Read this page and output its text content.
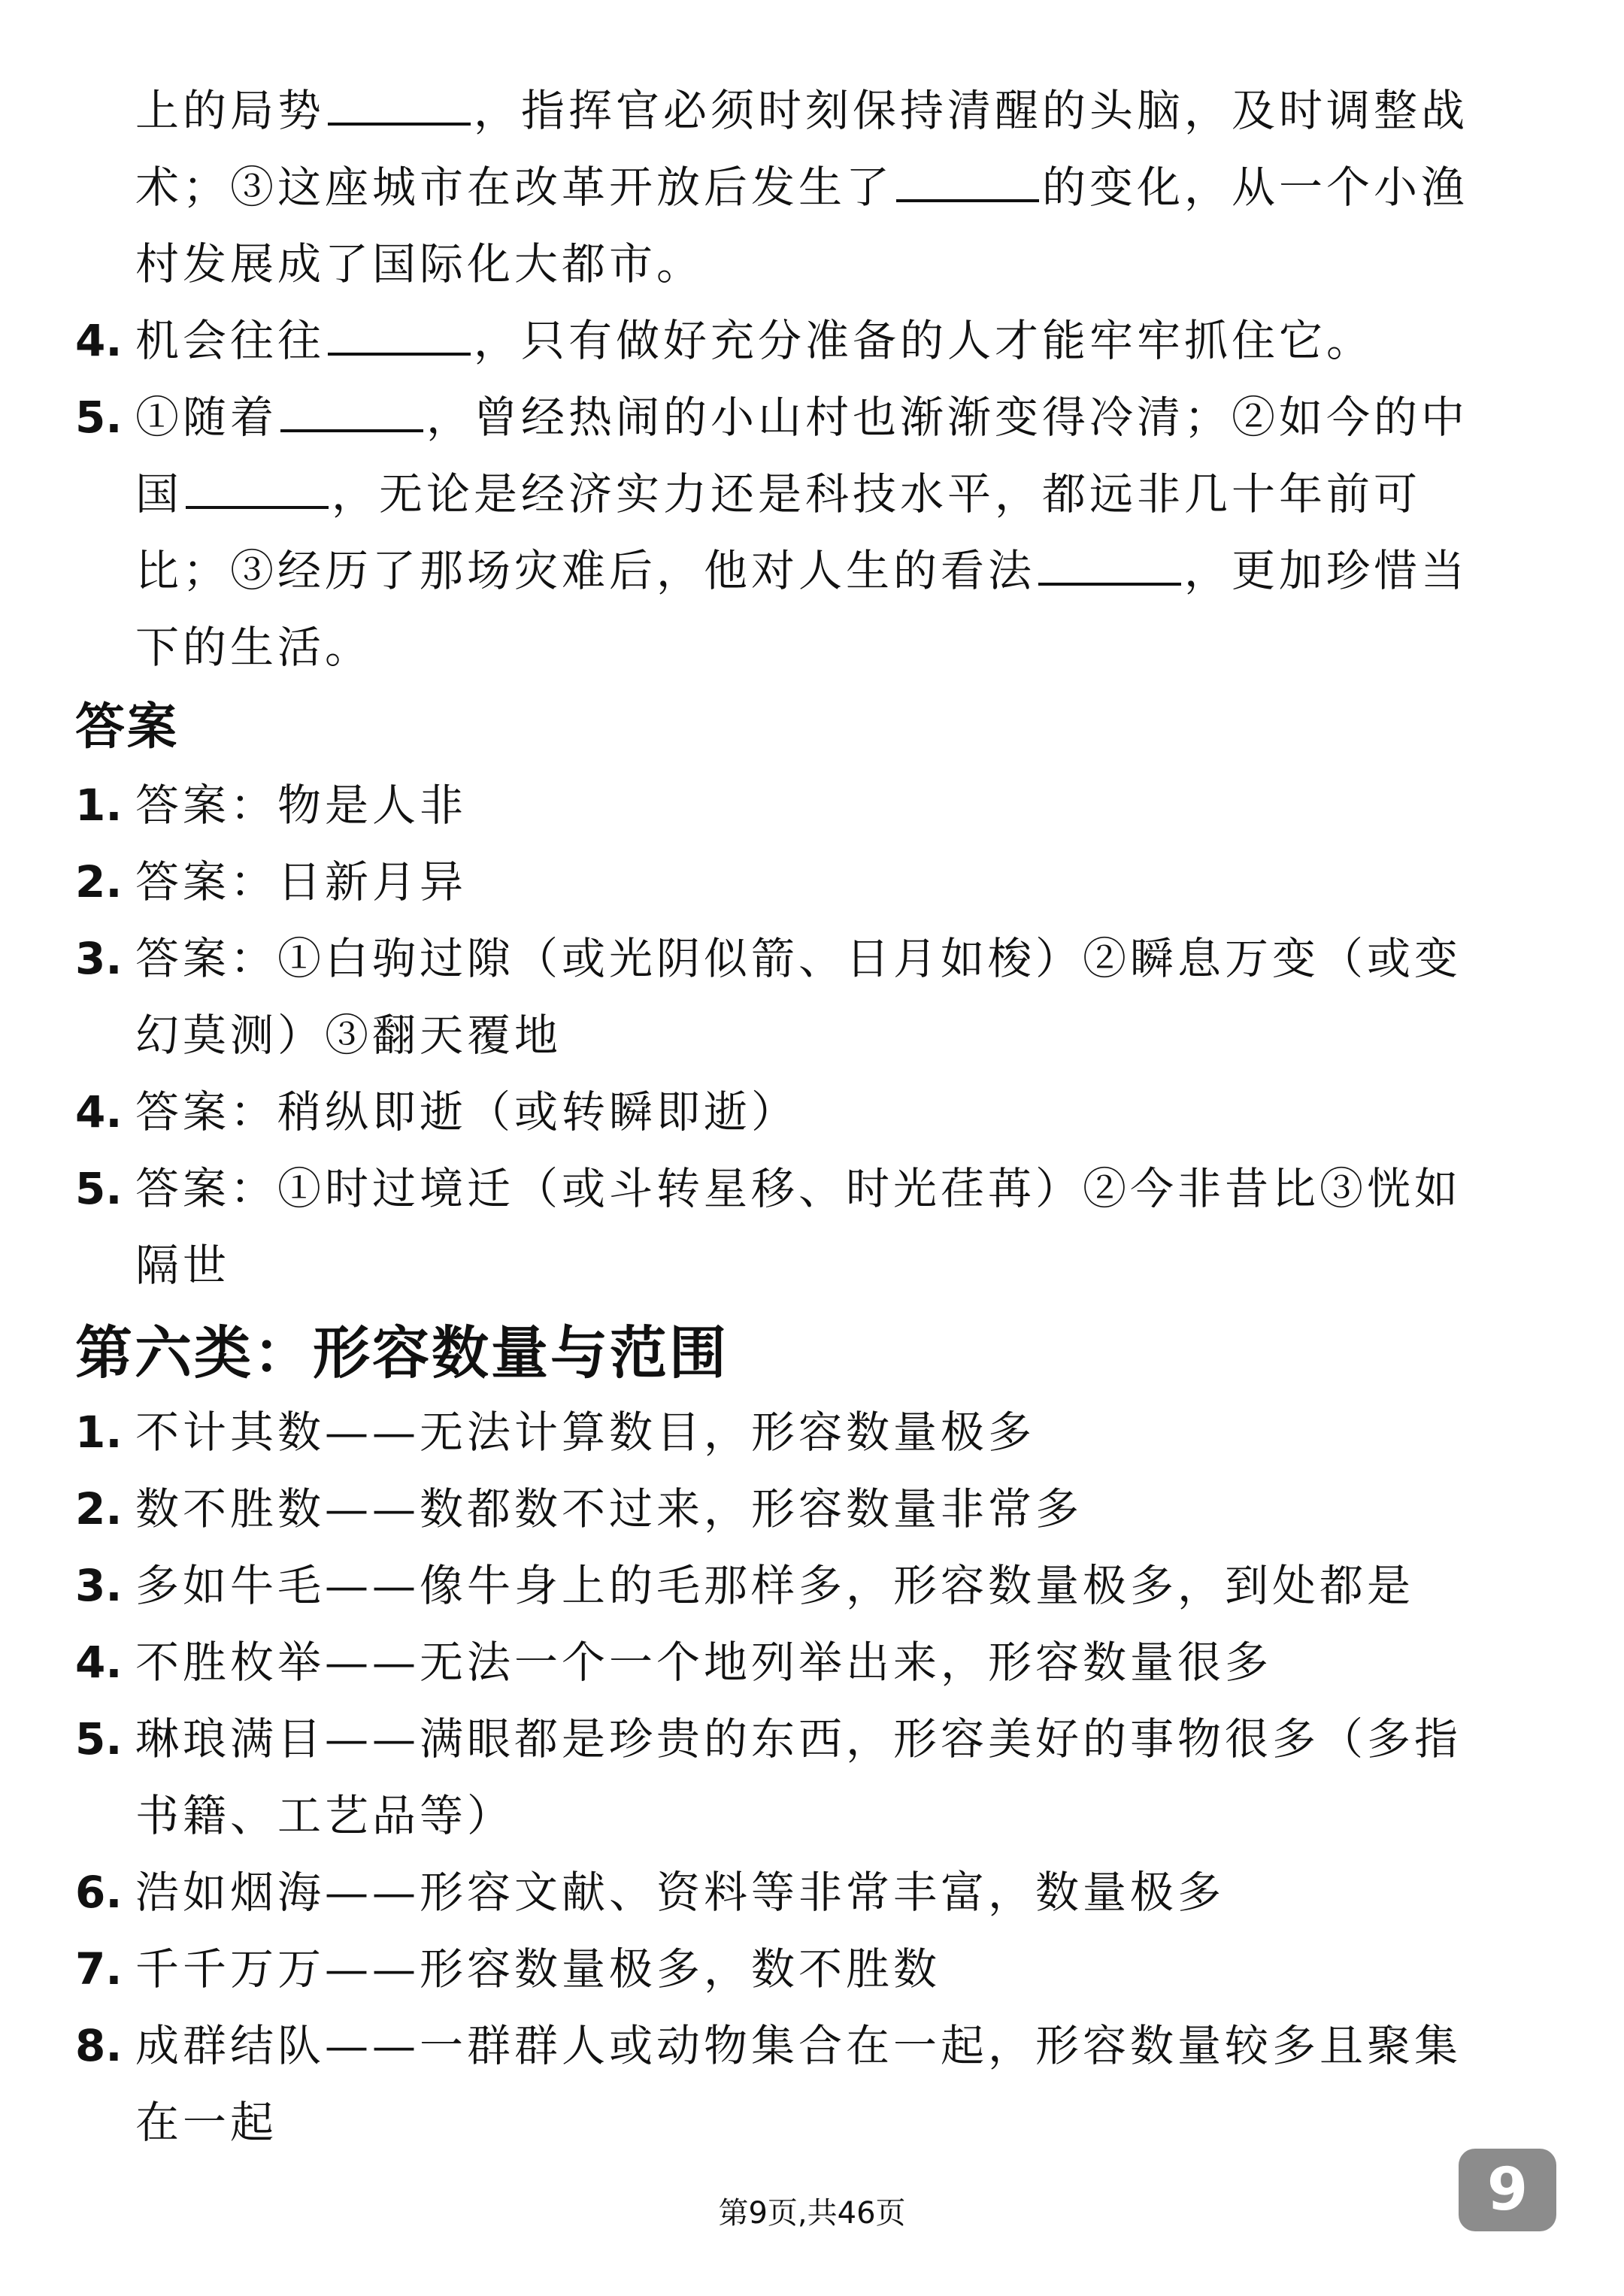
上的局势	，指挥官必须时刻保持清醒的头脑，及时调整战
术；③这座城市在改革开放后发生了	的变化，从一个小渔
村发展成了国际化大都市。
4. 机会往往	，只有做好充分准备的人才能牢牢抓住它。
5. ①随着	，曾经热闹的小山村也渐渐变得冷清；②如今的中
国	，无论是经济实力还是科技水平，都远非几十年前可
比；③经历了那场灾难后，他对人生的看法	，更加珍惜当
下的生活。
答案
1. 答案：物是人非
2. 答案：日新月异
3. 答案：①白驹过隙（或光阴似箭、日月如梭）②瞬息万变（或变
幻莫测）③翻天覆地
4. 答案：稍纵即逝（或转瞬即逝）
5. 答案：①时过境迁（或斗转星移、时光荏苒）②今非昔比③恍如
隔世
第六类：形容数量与范围
1. 不计其数——无法计算数目，形容数量极多
2. 数不胜数——数都数不过来，形容数量非常多
3. 多如牛毛——像牛身上的毛那样多，形容数量极多，到处都是
4. 不胜枚举——无法一个一个地列举出来，形容数量很多
5. 琳琅满目——满眼都是珍贵的东西，形容美好的事物很多（多指
书籍、工艺品等）
6. 浩如烟海——形容文献、资料等非常丰富，数量极多
7. 千千万万——形容数量极多，数不胜数
8. 成群结队——一群群人或动物集合在一起，形容数量较多且聚集
在一起
9
第9页,共46页
